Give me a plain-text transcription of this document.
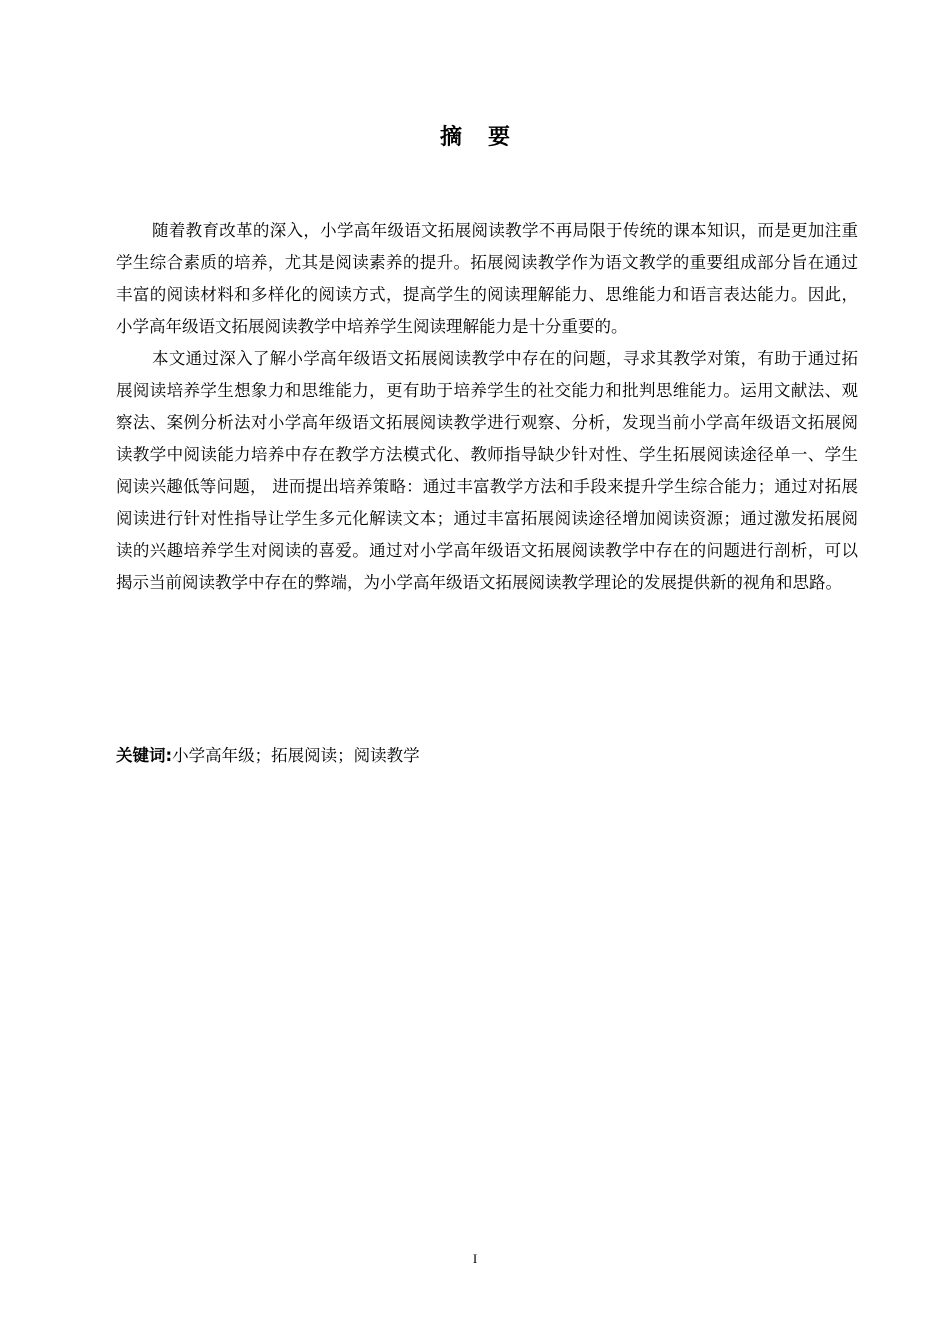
摘要

随着教育改革的深入，小学高年级语文拓展阅读教学不再局限于传统的课本知识，而是更加注重学生综合素质的培养，尤其是阅读素养的提升。拓展阅读教学作为语文教学的重要组成部分旨在通过丰富的阅读材料和多样化的阅读方式，提高学生的阅读理解能力、思维能力和语言表达能力。因此， 小学高年级语文拓展阅读教学中培养学生阅读理解能力是十分重要的。

本文通过深入了解小学高年级语文拓展阅读教学中存在的问题，寻求其教学对策，有助于通过拓展阅读培养学生想象力和思维能力，更有助于培养学生的社交能力和批判思维能力。运用文献法、观察法、案例分析法对小学高年级语文拓展阅读教学进行观察、分析，发现当前小学高年级语文拓展阅读教学中阅读能力培养中存在教学方法模式化、教师指导缺少针对性、学生拓展阅读途径单一、学生阅读兴趣低等问题， 进而提出培养策略：通过丰富教学方法和手段来提升学生综合能力；通过对拓展阅读进行针对性指导让学生多元化解读文本；通过丰富拓展阅读途径增加阅读资源；通过激发拓展阅读的兴趣培养学生对阅读的喜爱。通过对小学高年级语文拓展阅读教学中存在的问题进行剖析，可以揭示当前阅读教学中存在的弊端，为小学高年级语文拓展阅读教学理论的发展提供新的视角和思路。

关键词:小学高年级；拓展阅读；阅读教学
I
